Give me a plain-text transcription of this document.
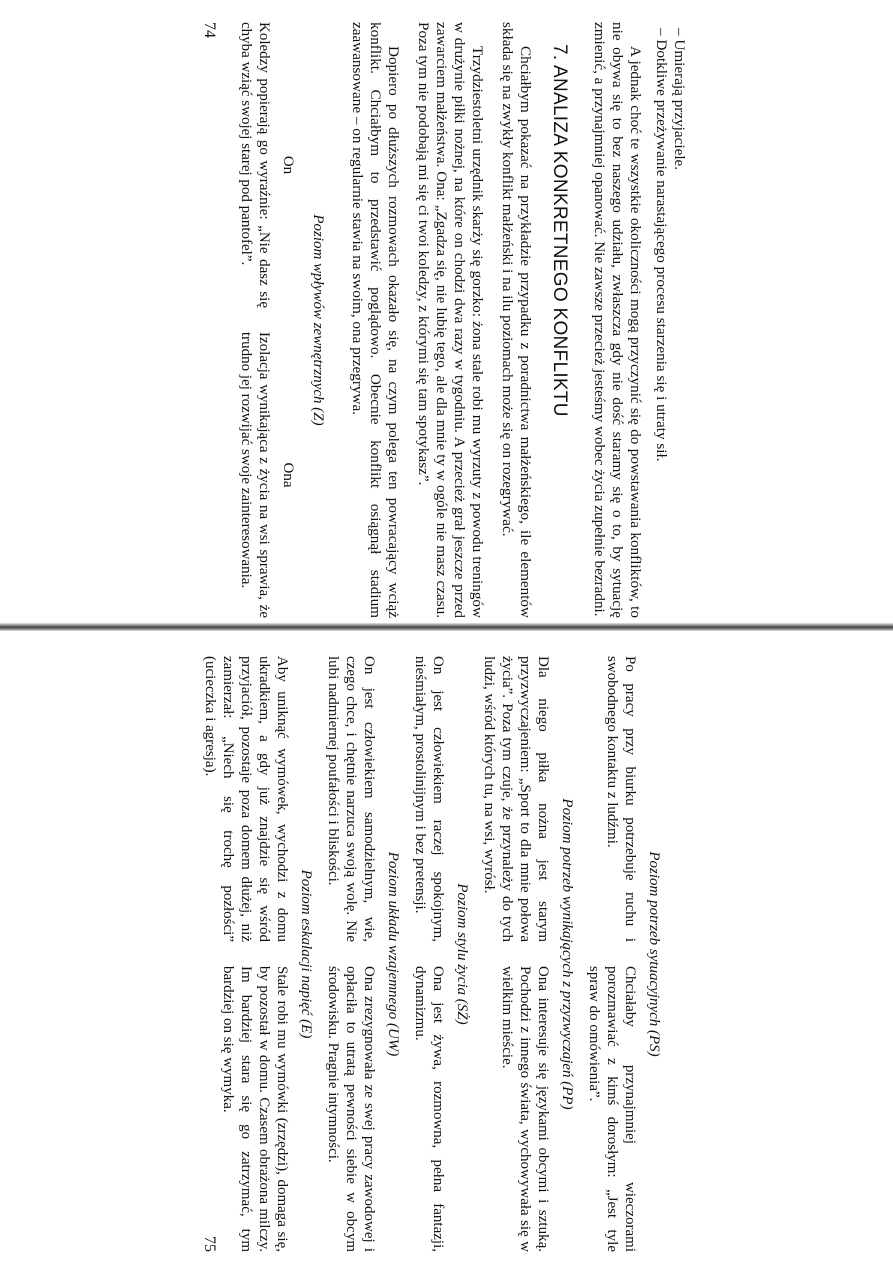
– Umierają przyjaciele.
– Dotkliwe przeżywanie narastającego procesu starzenia się i utraty sił.

A jednak choć te wszystkie okoliczności mogą przyczynić się do powstawania konfliktów, to nie obywa się to bez naszego udziału, zwłaszcza gdy nie dość staramy się o to, by sytuację zmienić, a przynajmniej opanować. Nie zawsze przecież jesteśmy wobec życia zupełnie bezradni.

7. ANALIZA KONKRETNEGO KONFLIKTU

Chciałbym pokazać na przykładzie przypadku z poradnictwa małżeńskiego, ile elementów składa się na zwykły konflikt małżeński i na ilu poziomach może się on rozegrywać.

Trzydziestoletni urzędnik skarży się gorzko: żona stale robi mu wyrzuty z powodu treningów w drużynie piłki nożnej, na które on chodzi dwa razy w tygodniu. A przecież grał jeszcze przed zawarciem małżeństwa. Ona: „Zgadza się, nie lubię tego, ale dla mnie ty w ogóle nie masz czasu. Poza tym nie podobają mi się ci twoi koledzy, z którymi się tam spotykasz”.

Dopiero po dłuższych rozmowach okazało się, na czym polega ten powracający wciąż konflikt. Chciałbym to przedstawić poglądowo. Obecnie konflikt osiągnął stadium zaawansowane – on regularnie stawia na swoim, ona przegrywa.

Poziom wpływów zewnętrznych (Z)
On
Koledzy popierają go wyraźnie: „Nie dasz się chyba wziąć swojej starej pod pantofel”.
Ona
Izolacja wynikająca z życia na wsi sprawia, że trudno jej rozwijać swoje zainteresowania.
74
Poziom potrzeb sytuacyjnych (PS)
Po pracy przy biurku potrzebuje ruchu i swobodnego kontaktu z ludźmi.
Chciałaby przynajmniej wieczorami porozmawiać z kimś dorosłym: „Jest tyle spraw do omówienia”.
Poziom potrzeb wynikających z przyzwyczajeń (PP)
Dla niego piłka nożna jest starym przyzwyczajeniem: „Sport to dla mnie połowa życia”. Poza tym czuje, że przynależy do tych ludzi, wśród których tu, na wsi, wyrósł.
Ona interesuje się językami obcymi i sztuką. Pochodzi z innego świata, wychowywała się w wielkim mieście.
Poziom stylu życia (SŻ)
On jest człowiekiem raczej spokojnym, nieśmiałym, prostolinijnym i bez pretensji.
Ona jest żywa, rozmowna, pełna fantazji, dynamizmu.
Poziom układu wzajemnego (UW)
On jest człowiekiem samodzielnym, wie, czego chce, i chętnie narzuca swoją wolę. Nie lubi nadmiernej poufałości i bliskości.
Ona zrezygnowała ze swej pracy zawodowej i opłaciła to utratą pewności siebie w obcym środowisku. Pragnie intymności.
Poziom eskalacji napięć (E)
Aby uniknąć wymówek, wychodzi z domu ukradkiem, a gdy już znajdzie się wśród przyjaciół, pozostaje poza domem dłużej, niż zamierzał: „Niech się trochę pozłości” (ucieczka i agresja).
Stale robi mu wymówki (zrzędzi), domaga się, by pozostał w domu. Czasem obrażona milczy. Im bardziej stara się go zatrzymać, tym bardziej on się wymyka.
75
